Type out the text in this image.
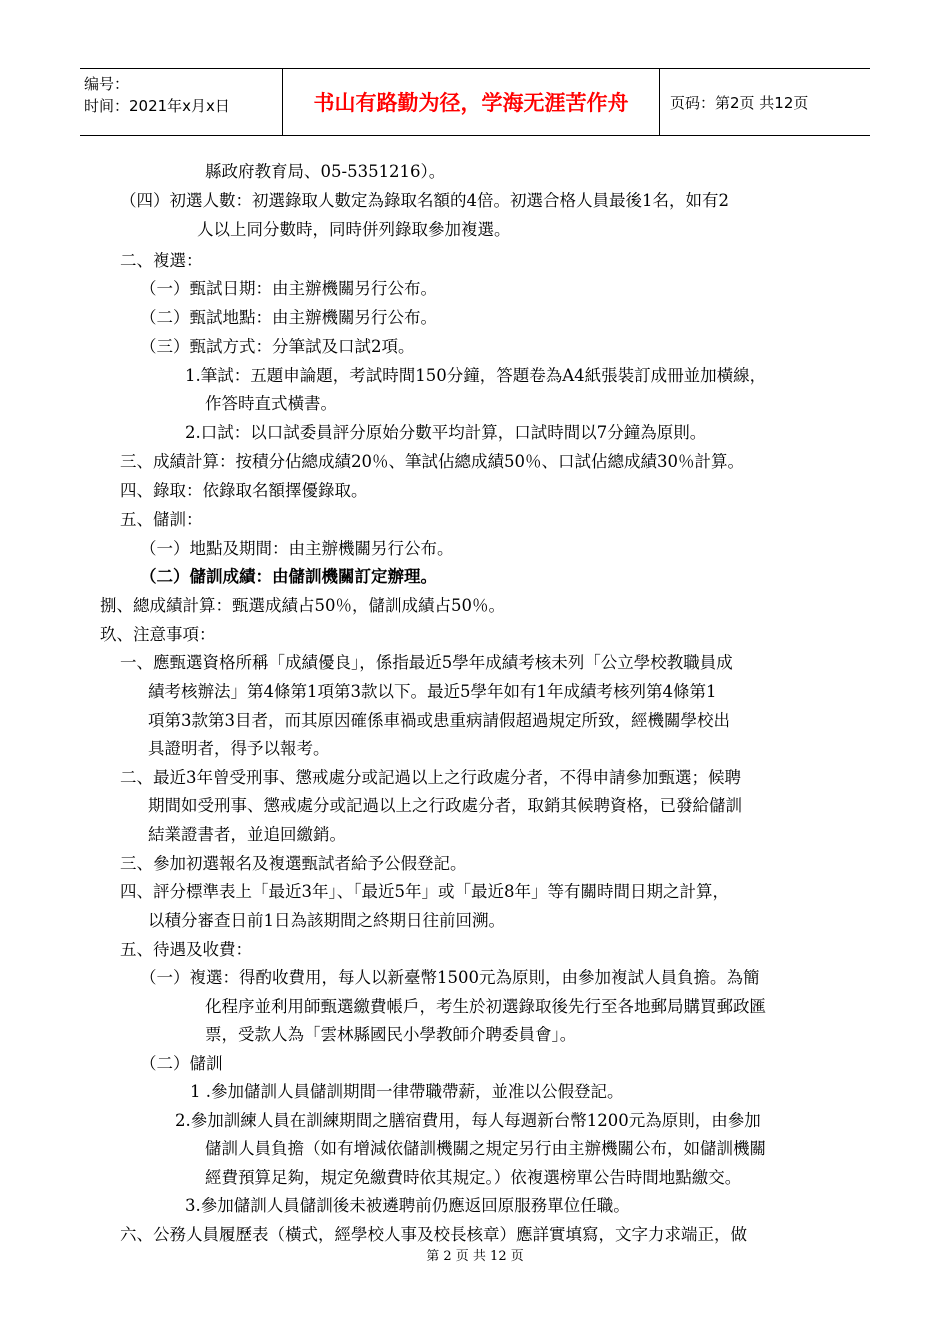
编号：
时间：2021年x月x日	书山有路勤为径，学海无涯苦作舟	页码：第2页 共12页
縣政府教育局、05-5351216）。
（四）初選人數：初選錄取人數定為錄取名額的4倍。初選合格人員最後1名，如有2
人以上同分數時，同時併列錄取參加複選。
二、複選：
（一）甄試日期：由主辦機關另行公布。
（二）甄試地點：由主辦機關另行公布。
（三）甄試方式：分筆試及口試2項。
1.筆試：五題申論題，考試時間150分鐘，答題卷為A4紙張裝訂成冊並加橫線，
作答時直式橫書。
2.口試：以口試委員評分原始分數平均計算，口試時間以7分鐘為原則。
三、成績計算：按積分佔總成績20％、筆試佔總成績50％、口試佔總成績30％計算。
四、錄取：依錄取名額擇優錄取。
五、儲訓：
（一）地點及期間：由主辦機關另行公布。
（二）儲訓成績：由儲訓機關訂定辦理。
捌、總成績計算：甄選成績占50％，儲訓成績占50％。
玖、注意事項：
一、應甄選資格所稱「成績優良」，係指最近5學年成績考核未列「公立學校教職員成
績考核辦法」第4條第1項第3款以下。最近5學年如有1年成績考核列第4條第1
項第3款第3目者，而其原因確係車禍或患重病請假超過規定所致，經機關學校出
具證明者，得予以報考。
二、最近3年曾受刑事、懲戒處分或記過以上之行政處分者，不得申請參加甄選；候聘
期間如受刑事、懲戒處分或記過以上之行政處分者，取銷其候聘資格，已發給儲訓
結業證書者，並追回繳銷。
三、參加初選報名及複選甄試者給予公假登記。
四、評分標準表上「最近3年」、「最近5年」或「最近8年」等有關時間日期之計算，
以積分審查日前1日為該期間之終期日往前回溯。
五、待遇及收費：
（一）複選：得酌收費用，每人以新臺幣1500元為原則，由參加複試人員負擔。為簡
化程序並利用師甄選繳費帳戶，考生於初選錄取後先行至各地郵局購買郵政匯
票，受款人為「雲林縣國民小學教師介聘委員會」。
（二）儲訓
1 .參加儲訓人員儲訓期間一律帶職帶薪，並准以公假登記。
2.參加訓練人員在訓練期間之膳宿費用，每人每週新台幣1200元為原則，由參加
儲訓人員負擔（如有增減依儲訓機關之規定另行由主辦機關公布，如儲訓機關
經費預算足夠，規定免繳費時依其規定。）依複選榜單公告時間地點繳交。
3.參加儲訓人員儲訓後未被遴聘前仍應返回原服務單位任職。
六、公務人員履歷表（橫式，經學校人事及校長核章）應詳實填寫，文字力求端正，做
第 2 页 共 12 页
